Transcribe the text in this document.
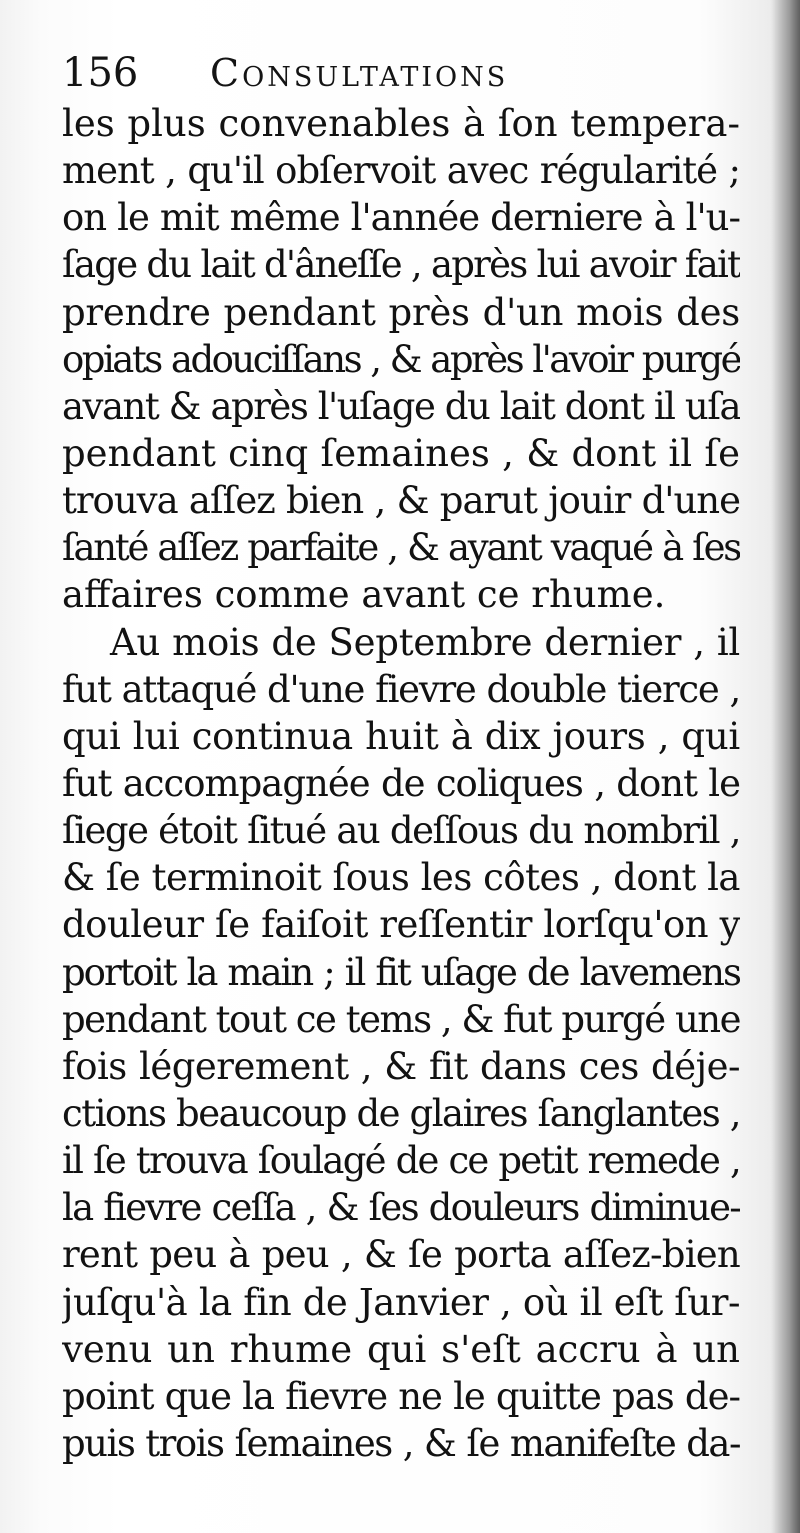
156 Consultations
les plus convenables à ſon tempera-
ment , qu'il obſervoit avec régularité ;
on le mit même l'année derniere à l'u-
ſage du lait d'âneſſe , après lui avoir fait
prendre pendant près d'un mois des
opiats adouciſſans , & après l'avoir purgé
avant & après l'uſage du lait dont il uſa
pendant cinq ſemaines , & dont il ſe
trouva aſſez bien , & parut jouir d'une
ſanté aſſez parfaite , & ayant vaqué à ſes
affaires comme avant ce rhume.
Au mois de Septembre dernier , il
fut attaqué d'une fievre double tierce ,
qui lui continua huit à dix jours , qui
fut accompagnée de coliques , dont le
ſiege étoit ſitué au deſſous du nombril ,
& ſe terminoit ſous les côtes , dont la
douleur ſe faiſoit reſſentir lorſqu'on y
portoit la main ; il fit uſage de lavemens
pendant tout ce tems , & fut purgé une
fois légerement , & fit dans ces déje-
ctions beaucoup de glaires ſanglantes ,
il ſe trouva ſoulagé de ce petit remede ,
la fievre ceſſa , & ſes douleurs diminue-
rent peu à peu , & ſe porta aſſez-bien
juſqu'à la fin de Janvier , où il eſt ſur-
venu un rhume qui s'eſt accru à un
point que la fievre ne le quitte pas de-
puis trois ſemaines , & ſe manifeſte da-
